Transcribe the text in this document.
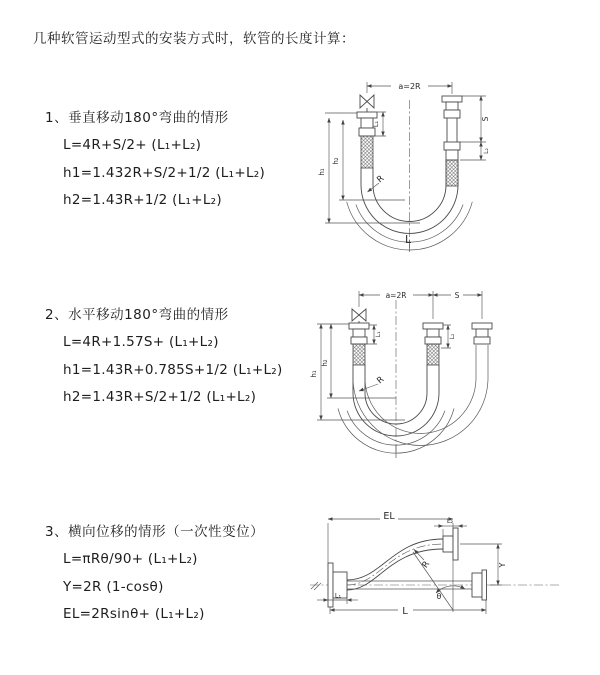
几种软管运动型式的安装方式时，软管的长度计算：
1、垂直移动180°弯曲的情形
L=4R+S/2+ (L₁+L₂)
h1=1.432R+S/2+1/2 (L₁+L₂)
h2=1.43R+1/2 (L₁+L₂)
2、水平移动180°弯曲的情形
L=4R+1.57S+ (L₁+L₂)
h1=1.43R+0.785S+1/2 (L₁+L₂)
h2=1.43R+S/2+1/2 (L₁+L₂)
3、横向位移的情形（一次性变位）
L=πRθ/90+ (L₁+L₂)
Y=2R (1-cosθ)
EL=2Rsinθ+ (L₁+L₂)
a=2R
L₁
S
L₂
h₁
h₂
R
L
a=2R	S
h₁
h₂
L₁	L₂
R
EL	L₂
Y
θ
R
L₁
L
